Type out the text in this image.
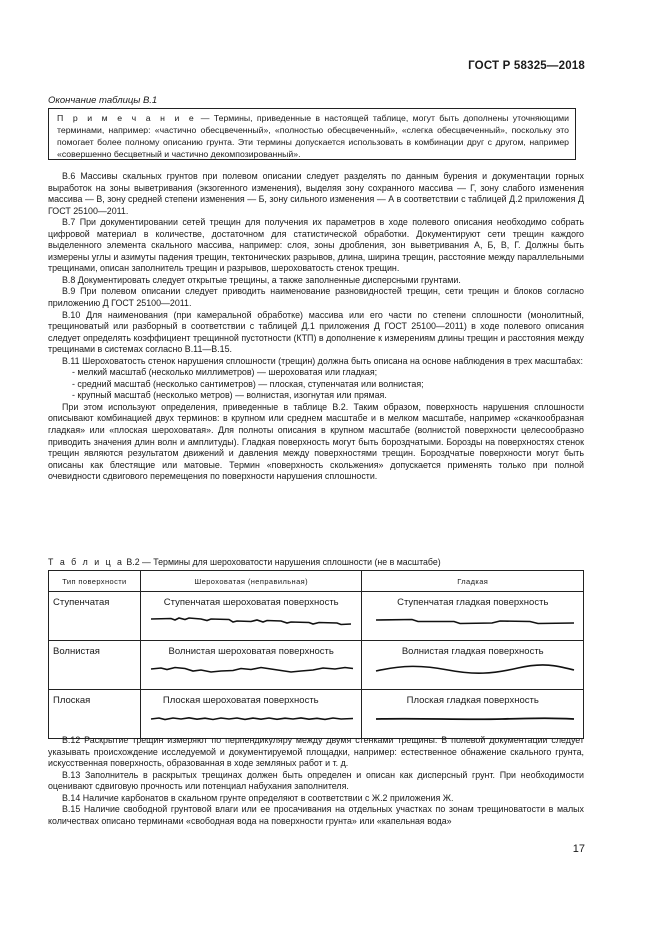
ГОСТ Р 58325—2018
Окончание таблицы В.1
П р и м е ч а н и е — Термины, приведенные в настоящей таблице, могут быть дополнены уточняющими терминами, например: «частично обесцвеченный», «полностью обесцвеченный», «слегка обесцвеченный», поскольку это помогает более полному описанию грунта. Эти термины допускается использовать в комбинации друг с другом, например «совершенно бесцветный и частично декомпозированный».

В.6 Массивы скальных грунтов при полевом описании следует разделять по данным бурения и документации горных выработок на зоны выветривания (экзогенного изменения), выделяя зону сохранного массива — Г, зону слабого изменения массива — В, зону средней степени изменения — Б, зону сильного изменения — А в соответствии с таблицей Д.2 приложения Д ГОСТ 25100—2011.

В.7 При документировании сетей трещин для получения их параметров в ходе полевого описания необходимо собрать цифровой материал в количестве, достаточном для статистической обработки. Документируют сети трещин каждого выделенного элемента скального массива, например: слоя, зоны дробления, зон выветривания А, Б, В, Г. Должны быть измерены углы и азимуты падения трещин, тектонических разрывов, длина, ширина трещин, расстояние между параллельными трещинами, описан заполнитель трещин и разрывов, шероховатость стенок трещин.

В.8 Документировать следует открытые трещины, а также заполненные дисперсными грунтами.

В.9 При полевом описании следует приводить наименование разновидностей трещин, сети трещин и блоков согласно приложению Д ГОСТ 25100—2011.

В.10 Для наименования (при камеральной обработке) массива или его части по степени сплошности (монолитный, трещиноватый или разборный в соответствии с таблицей Д.1 приложения Д ГОСТ 25100—2011) в ходе полевого описания следует определять коэффициент трещинной пустотности (КТП) в дополнение к измерениям длины трещин и расстояния между трещинами в системах согласно В.11—В.15.

В.11 Шероховатость стенок нарушения сплошности (трещин) должна быть описана на основе наблюдения в трех масштабах:

- мелкий масштаб (несколько миллиметров) — шероховатая или гладкая;

- средний масштаб (несколько сантиметров) — плоская, ступенчатая или волнистая;

- крупный масштаб (несколько метров) — волнистая, изогнутая или прямая.

При этом используют определения, приведенные в таблице В.2. Таким образом, поверхность нарушения сплошности описывают комбинацией двух терминов: в крупном или среднем масштабе и в мелком масштабе, например «скачкообразная гладкая» или «плоская шероховатая». Для полноты описания в крупном масштабе (волнистой поверхности целесообразно приводить значения длин волн и амплитуды). Гладкая поверхность могут быть бороздчатыми. Борозды на поверхностях стенок трещин являются результатом движений и давления между поверхностями трещин. Бороздчатые поверхности могут быть описаны как блестящие или матовые. Термин «поверхность скольжения» допускается применять только при полной очевидности сдвигового перемещения по поверхности нарушения сплошности.

Т а б л и ц а В.2 — Термины для шероховатости нарушения сплошности (не в масштабе)
Тип поверхности	Шероховатая (неправильная)	Гладкая
Ступенчатая	Ступенчатая шероховатая поверхность	Ступенчатая гладкая поверхность

Волнистая	Волнистая шероховатая поверхность	Волнистая гладкая поверхность

Плоская	Плоская шероховатая поверхность	Плоская гладкая поверхность

В.12 Раскрытие трещин измеряют по перпендикуляру между двумя стенками трещины. В полевой документации следует указывать происхождение исследуемой и документируемой площадки, например: естественное обнажение скального грунта, искусственная поверхность, образованная в ходе земляных работ и т. д.

В.13 Заполнитель в раскрытых трещинах должен быть определен и описан как дисперсный грунт. При необходимости оценивают сдвиговую прочность или потенциал набухания заполнителя.

В.14 Наличие карбонатов в скальном грунте определяют в соответствии с Ж.2 приложения Ж.

В.15 Наличие свободной грунтовой влаги или ее просачивания на отдельных участках по зонам трещиноватости в малых количествах описано терминами «свободная вода на поверхности грунта» или «капельная вода»

17
